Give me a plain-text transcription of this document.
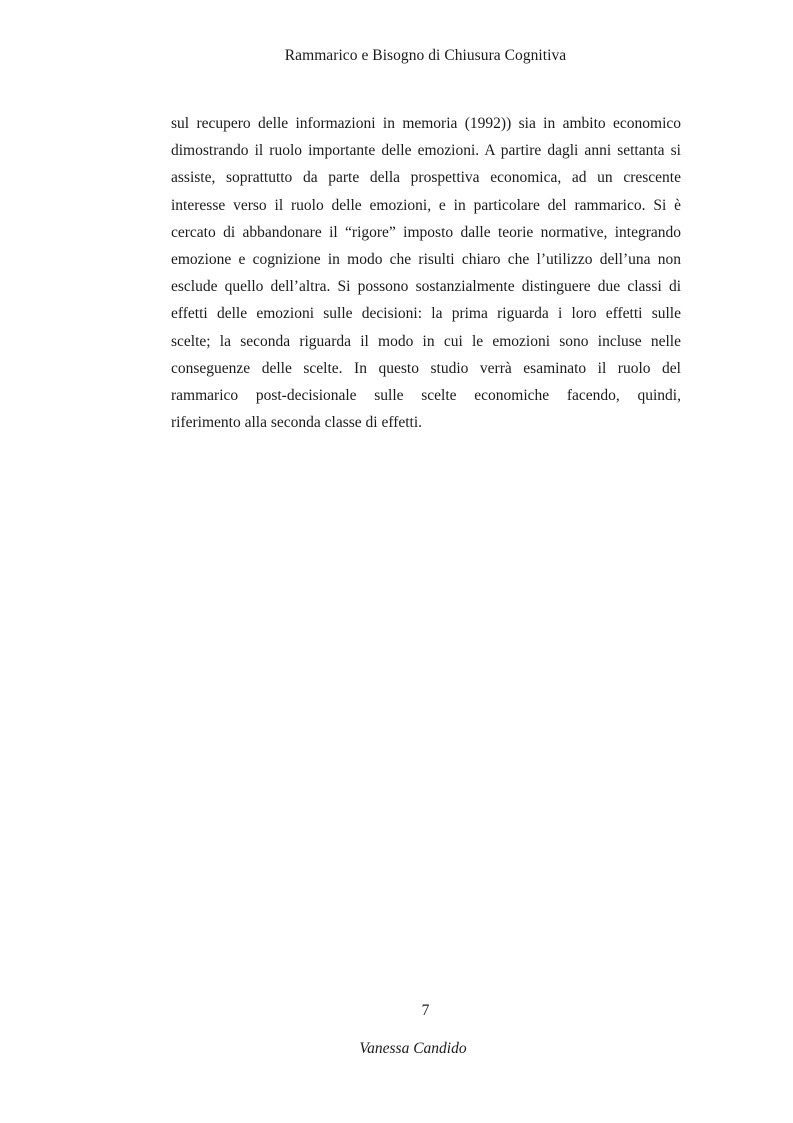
Rammarico e Bisogno di Chiusura Cognitiva
sul recupero delle informazioni in memoria (1992)) sia in ambito economico
dimostrando il ruolo importante delle emozioni. A partire dagli anni settanta si
assiste, soprattutto da parte della prospettiva economica, ad un crescente
interesse verso il ruolo delle emozioni, e in particolare del rammarico. Si è
cercato di abbandonare il “rigore” imposto dalle teorie normative, integrando
emozione e cognizione in modo che risulti chiaro che l’utilizzo dell’una non
esclude quello dell’altra. Si possono sostanzialmente distinguere due classi di
effetti delle emozioni sulle decisioni: la prima riguarda i loro effetti sulle
scelte; la seconda riguarda il modo in cui le emozioni sono incluse nelle
conseguenze delle scelte. In questo studio verrà esaminato il ruolo del
rammarico post-decisionale sulle scelte economiche facendo, quindi,
riferimento alla seconda classe di effetti.
7
Vanessa Candido
